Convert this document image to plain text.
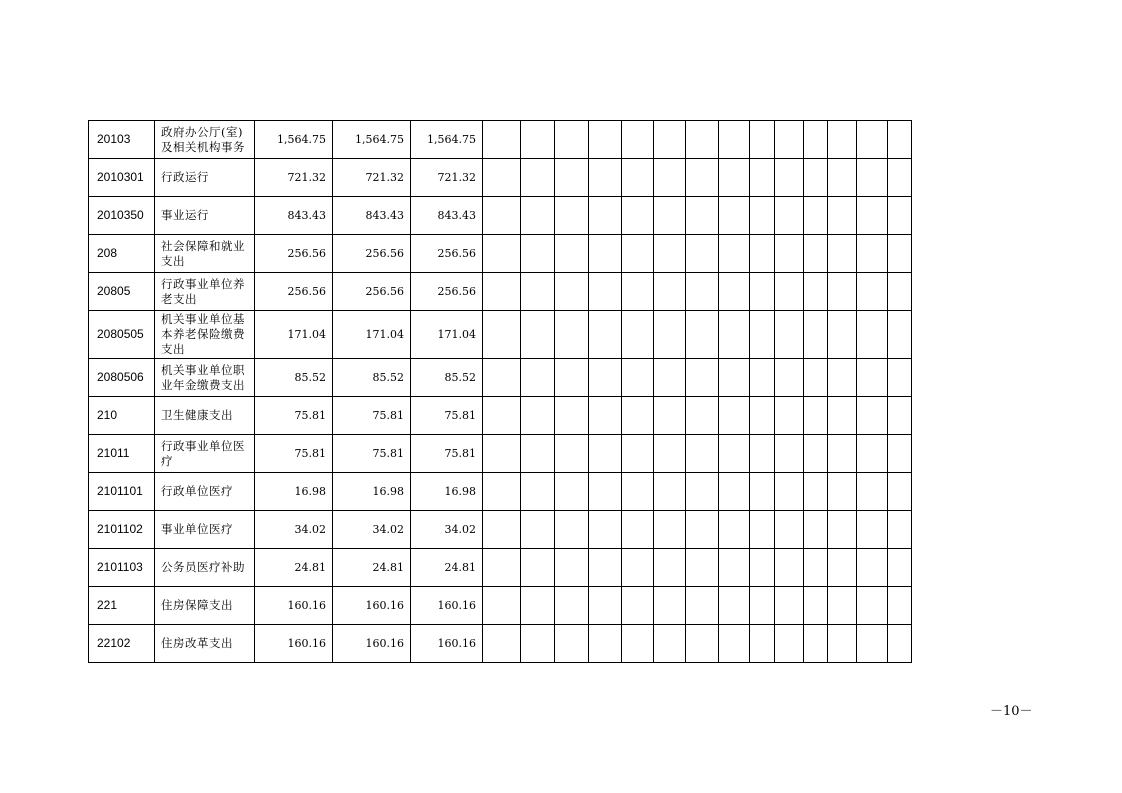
20103	政府办公厅(室)及相关机构事务	1,564.75	1,564.75	1,564.75														
2010301	行政运行	721.32	721.32	721.32														
2010350	事业运行	843.43	843.43	843.43														
208	社会保障和就业支出	256.56	256.56	256.56														
20805	行政事业单位养老支出	256.56	256.56	256.56														
2080505	机关事业单位基本养老保险缴费支出	171.04	171.04	171.04														
2080506	机关事业单位职业年金缴费支出	85.52	85.52	85.52														
210	卫生健康支出	75.81	75.81	75.81														
21011	行政事业单位医疗	75.81	75.81	75.81														
2101101	行政单位医疗	16.98	16.98	16.98														
2101102	事业单位医疗	34.02	34.02	34.02														
2101103	公务员医疗补助	24.81	24.81	24.81														
221	住房保障支出	160.16	160.16	160.16														
22102	住房改革支出	160.16	160.16	160.16														
－10－
